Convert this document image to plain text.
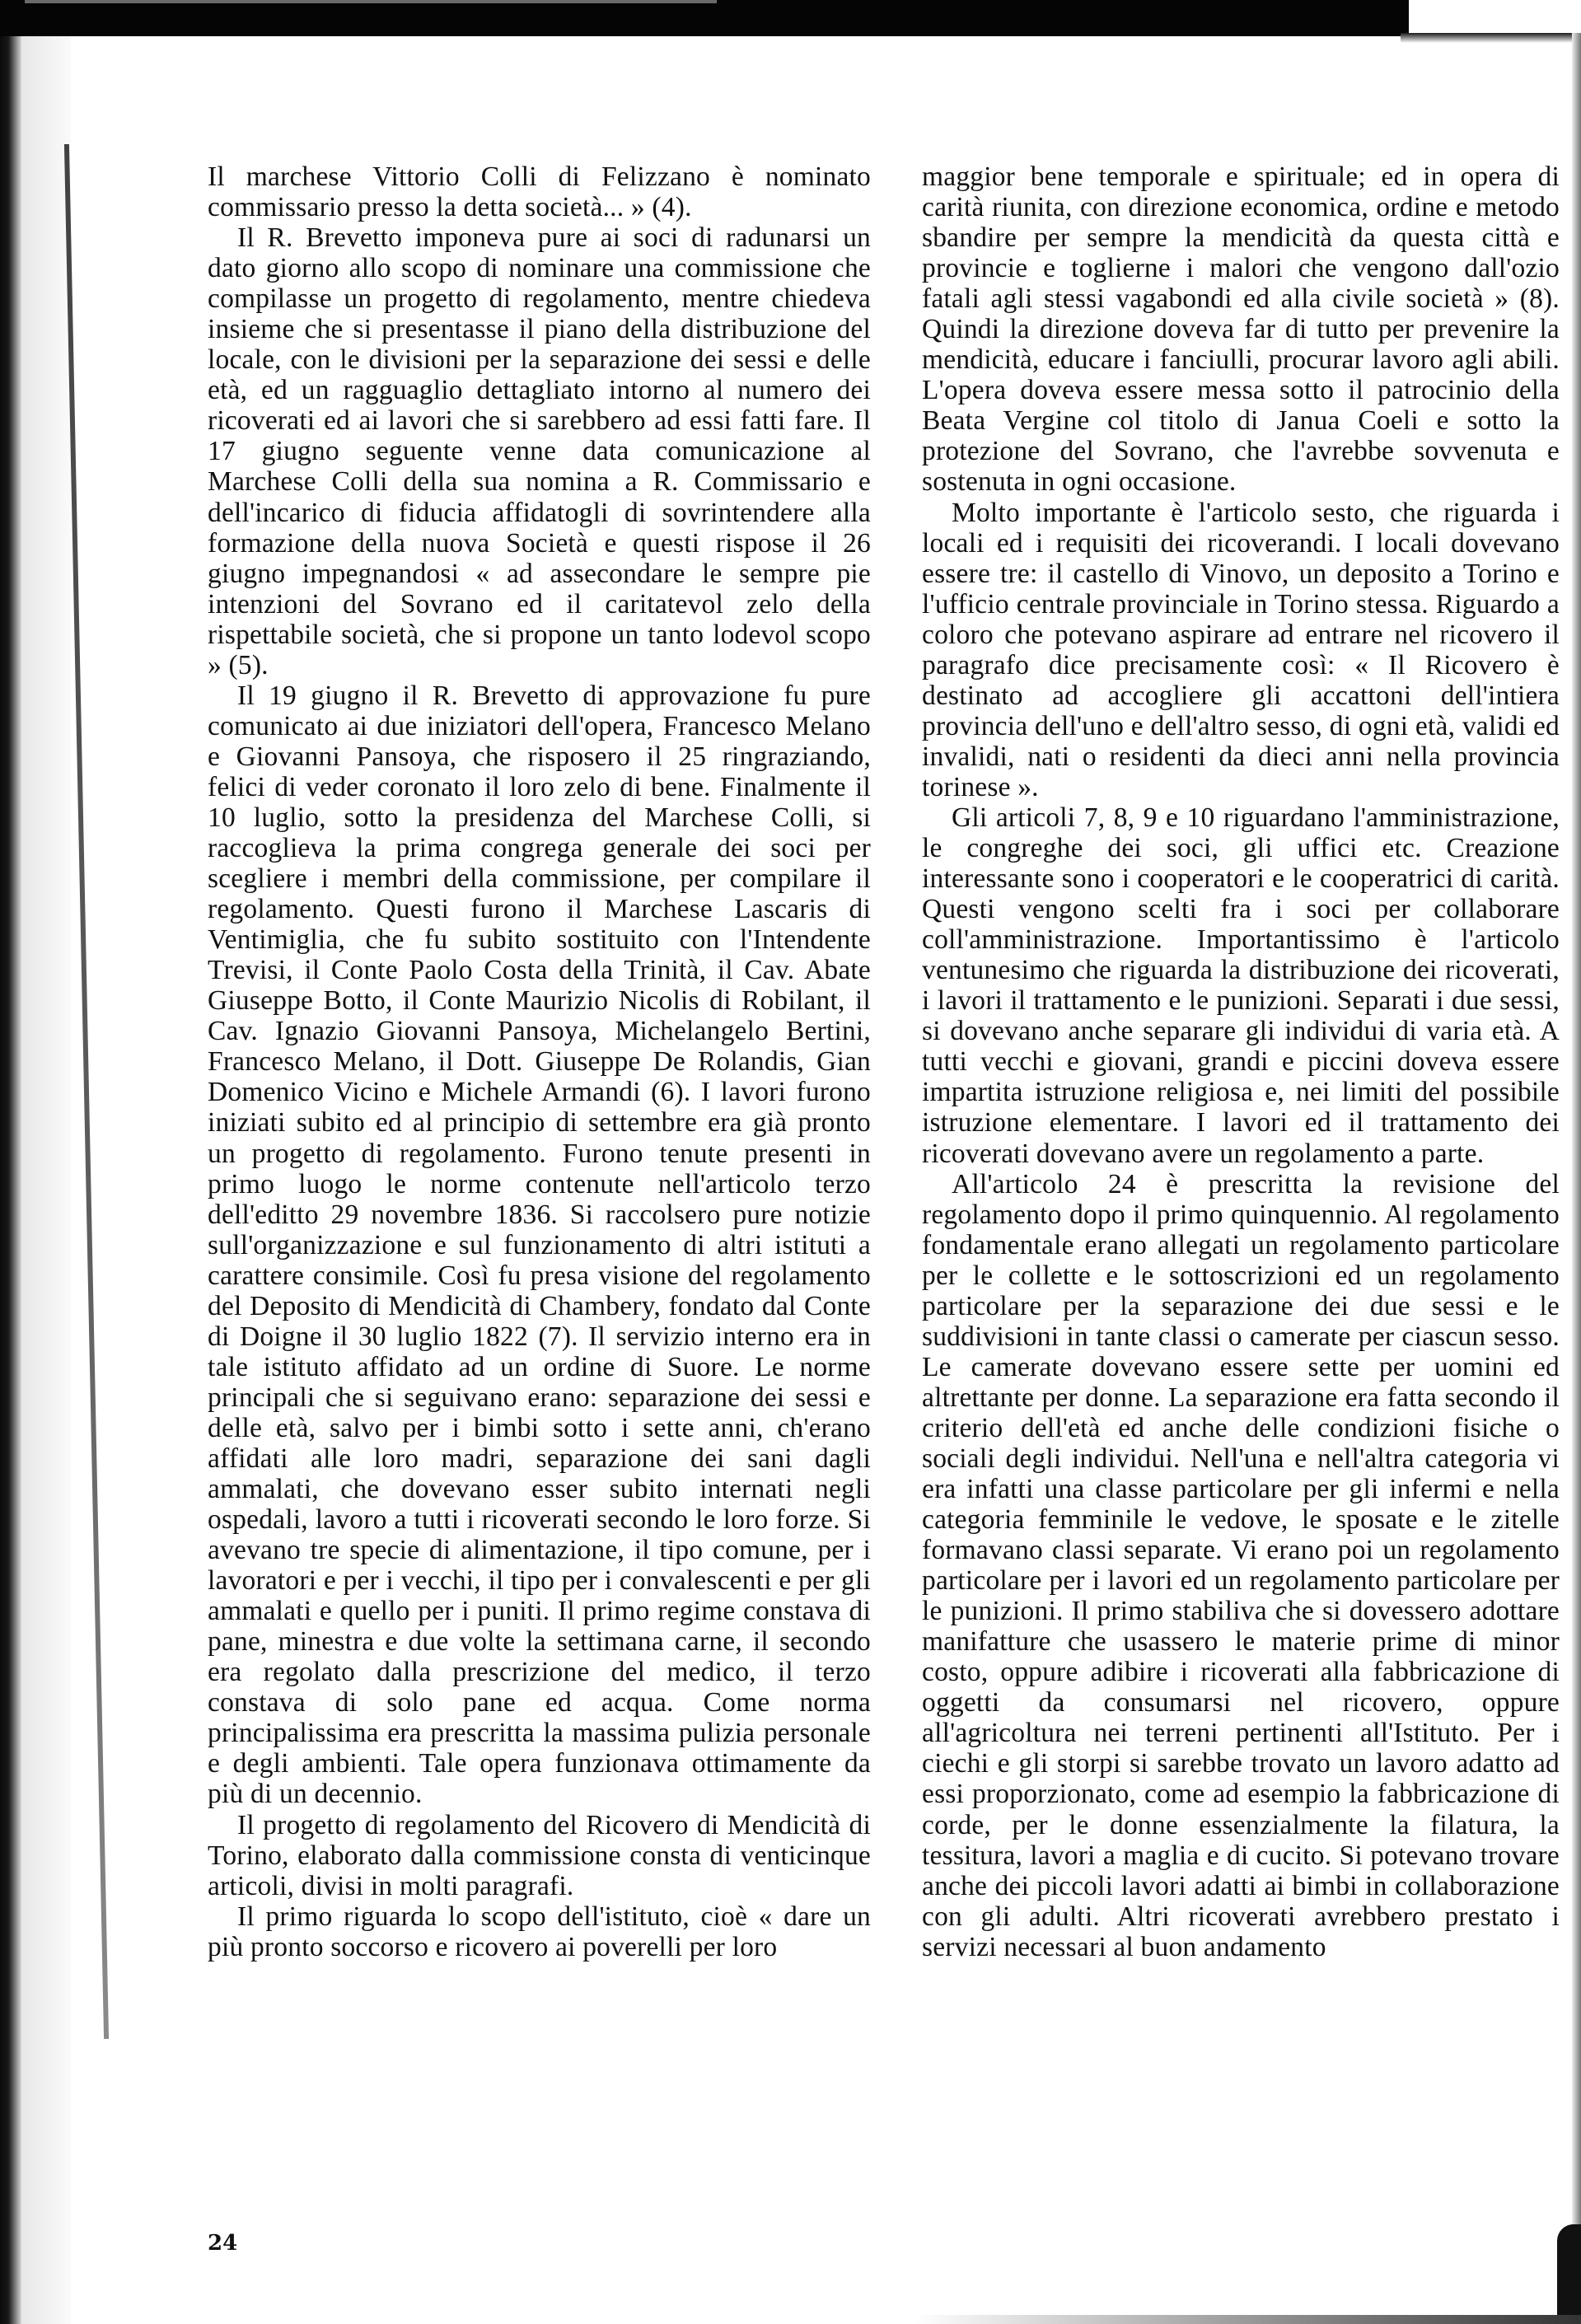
Il marchese Vittorio Colli di Felizzano è nominato commissario presso la detta società... » (4).

Il R. Brevetto imponeva pure ai soci di radunarsi un dato giorno allo scopo di nominare una commissione che compilasse un progetto di regolamento, mentre chiedeva insieme che si presentasse il piano della distribuzione del locale, con le divisioni per la separazione dei sessi e delle età, ed un ragguaglio dettagliato intorno al numero dei ricoverati ed ai lavori che si sarebbero ad essi fatti fare. Il 17 giugno seguente venne data comunicazione al Marchese Colli della sua nomina a R. Commissario e dell'incarico di fiducia affidatogli di sovrintendere alla formazione della nuova Società e questi rispose il 26 giugno impegnandosi « ad assecondare le sempre pie intenzioni del Sovrano ed il caritatevol zelo della rispettabile società, che si propone un tanto lodevol scopo » (5).

Il 19 giugno il R. Brevetto di approvazione fu pure comunicato ai due iniziatori dell'opera, Francesco Melano e Giovanni Pansoya, che risposero il 25 ringraziando, felici di veder coronato il loro zelo di bene. Finalmente il 10 luglio, sotto la presidenza del Marchese Colli, si raccoglieva la prima congrega generale dei soci per scegliere i membri della commissione, per compilare il regolamento. Questi furono il Marchese Lascaris di Ventimiglia, che fu subito sostituito con l'Intendente Trevisi, il Conte Paolo Costa della Trinità, il Cav. Abate Giuseppe Botto, il Conte Maurizio Nicolis di Robilant, il Cav. Ignazio Giovanni Pansoya, Michelangelo Bertini, Francesco Melano, il Dott. Giuseppe De Rolandis, Gian Domenico Vicino e Michele Armandi (6). I lavori furono iniziati subito ed al principio di settembre era già pronto un progetto di regolamento. Furono tenute presenti in primo luogo le norme contenute nell'articolo terzo dell'editto 29 novembre 1836. Si raccolsero pure notizie sull'organizzazione e sul funzionamento di altri istituti a carattere consimile. Così fu presa visione del regolamento del Deposito di Mendicità di Chambery, fondato dal Conte di Doigne il 30 luglio 1822 (7). Il servizio interno era in tale istituto affidato ad un ordine di Suore. Le norme principali che si seguivano erano: separazione dei sessi e delle età, salvo per i bimbi sotto i sette anni, ch'erano affidati alle loro madri, separazione dei sani dagli ammalati, che dovevano esser subito internati negli ospedali, lavoro a tutti i ricoverati secondo le loro forze. Si avevano tre specie di alimentazione, il tipo comune, per i lavoratori e per i vecchi, il tipo per i convalescenti e per gli ammalati e quello per i puniti. Il primo regime constava di pane, minestra e due volte la settimana carne, il secondo era regolato dalla prescrizione del medico, il terzo constava di solo pane ed acqua. Come norma principalissima era prescritta la massima pulizia personale e degli ambienti. Tale opera funzionava ottimamente da più di un decennio.

Il progetto di regolamento del Ricovero di Mendicità di Torino, elaborato dalla commissione consta di venticinque articoli, divisi in molti paragrafi.

Il primo riguarda lo scopo dell'istituto, cioè « dare un più pronto soccorso e ricovero ai poverelli per loro

maggior bene temporale e spirituale; ed in opera di carità riunita, con direzione economica, ordine e metodo sbandire per sempre la mendicità da questa città e provincie e toglierne i malori che vengono dall'ozio fatali agli stessi vagabondi ed alla civile società » (8). Quindi la direzione doveva far di tutto per prevenire la mendicità, educare i fanciulli, procurar lavoro agli abili. L'opera doveva essere messa sotto il patrocinio della Beata Vergine col titolo di Janua Coeli e sotto la protezione del Sovrano, che l'avrebbe sovvenuta e sostenuta in ogni occasione.

Molto importante è l'articolo sesto, che riguarda i locali ed i requisiti dei ricoverandi. I locali dovevano essere tre: il castello di Vinovo, un deposito a Torino e l'ufficio centrale provinciale in Torino stessa. Riguardo a coloro che potevano aspirare ad entrare nel ricovero il paragrafo dice precisamente così: « Il Ricovero è destinato ad accogliere gli accattoni dell'intiera provincia dell'uno e dell'altro sesso, di ogni età, validi ed invalidi, nati o residenti da dieci anni nella provincia torinese ».

Gli articoli 7, 8, 9 e 10 riguardano l'amministrazione, le congreghe dei soci, gli uffici etc. Creazione interessante sono i cooperatori e le cooperatrici di carità. Questi vengono scelti fra i soci per collaborare coll'amministrazione. Importantissimo è l'articolo ventunesimo che riguarda la distribuzione dei ricoverati, i lavori il trattamento e le punizioni. Separati i due sessi, si dovevano anche separare gli individui di varia età. A tutti vecchi e giovani, grandi e piccini doveva essere impartita istruzione religiosa e, nei limiti del possibile istruzione elementare. I lavori ed il trattamento dei ricoverati dovevano avere un regolamento a parte.

All'articolo 24 è prescritta la revisione del regolamento dopo il primo quinquennio. Al regolamento fondamentale erano allegati un regolamento particolare per le collette e le sottoscrizioni ed un regolamento particolare per la separazione dei due sessi e le suddivisioni in tante classi o camerate per ciascun sesso. Le camerate dovevano essere sette per uomini ed altrettante per donne. La separazione era fatta secondo il criterio dell'età ed anche delle condizioni fisiche o sociali degli individui. Nell'una e nell'altra categoria vi era infatti una classe particolare per gli infermi e nella categoria femminile le vedove, le sposate e le zitelle formavano classi separate. Vi erano poi un regolamento particolare per i lavori ed un regolamento particolare per le punizioni. Il primo stabiliva che si dovessero adottare manifatture che usassero le materie prime di minor costo, oppure adibire i ricoverati alla fabbricazione di oggetti da consumarsi nel ricovero, oppure all'agricoltura nei terreni pertinenti all'Istituto. Per i ciechi e gli storpi si sarebbe trovato un lavoro adatto ad essi proporzionato, come ad esempio la fabbricazione di corde, per le donne essenzialmente la filatura, la tessitura, lavori a maglia e di cucito. Si potevano trovare anche dei piccoli lavori adatti ai bimbi in collaborazione con gli adulti. Altri ricoverati avrebbero prestato i servizi necessari al buon andamento

24
